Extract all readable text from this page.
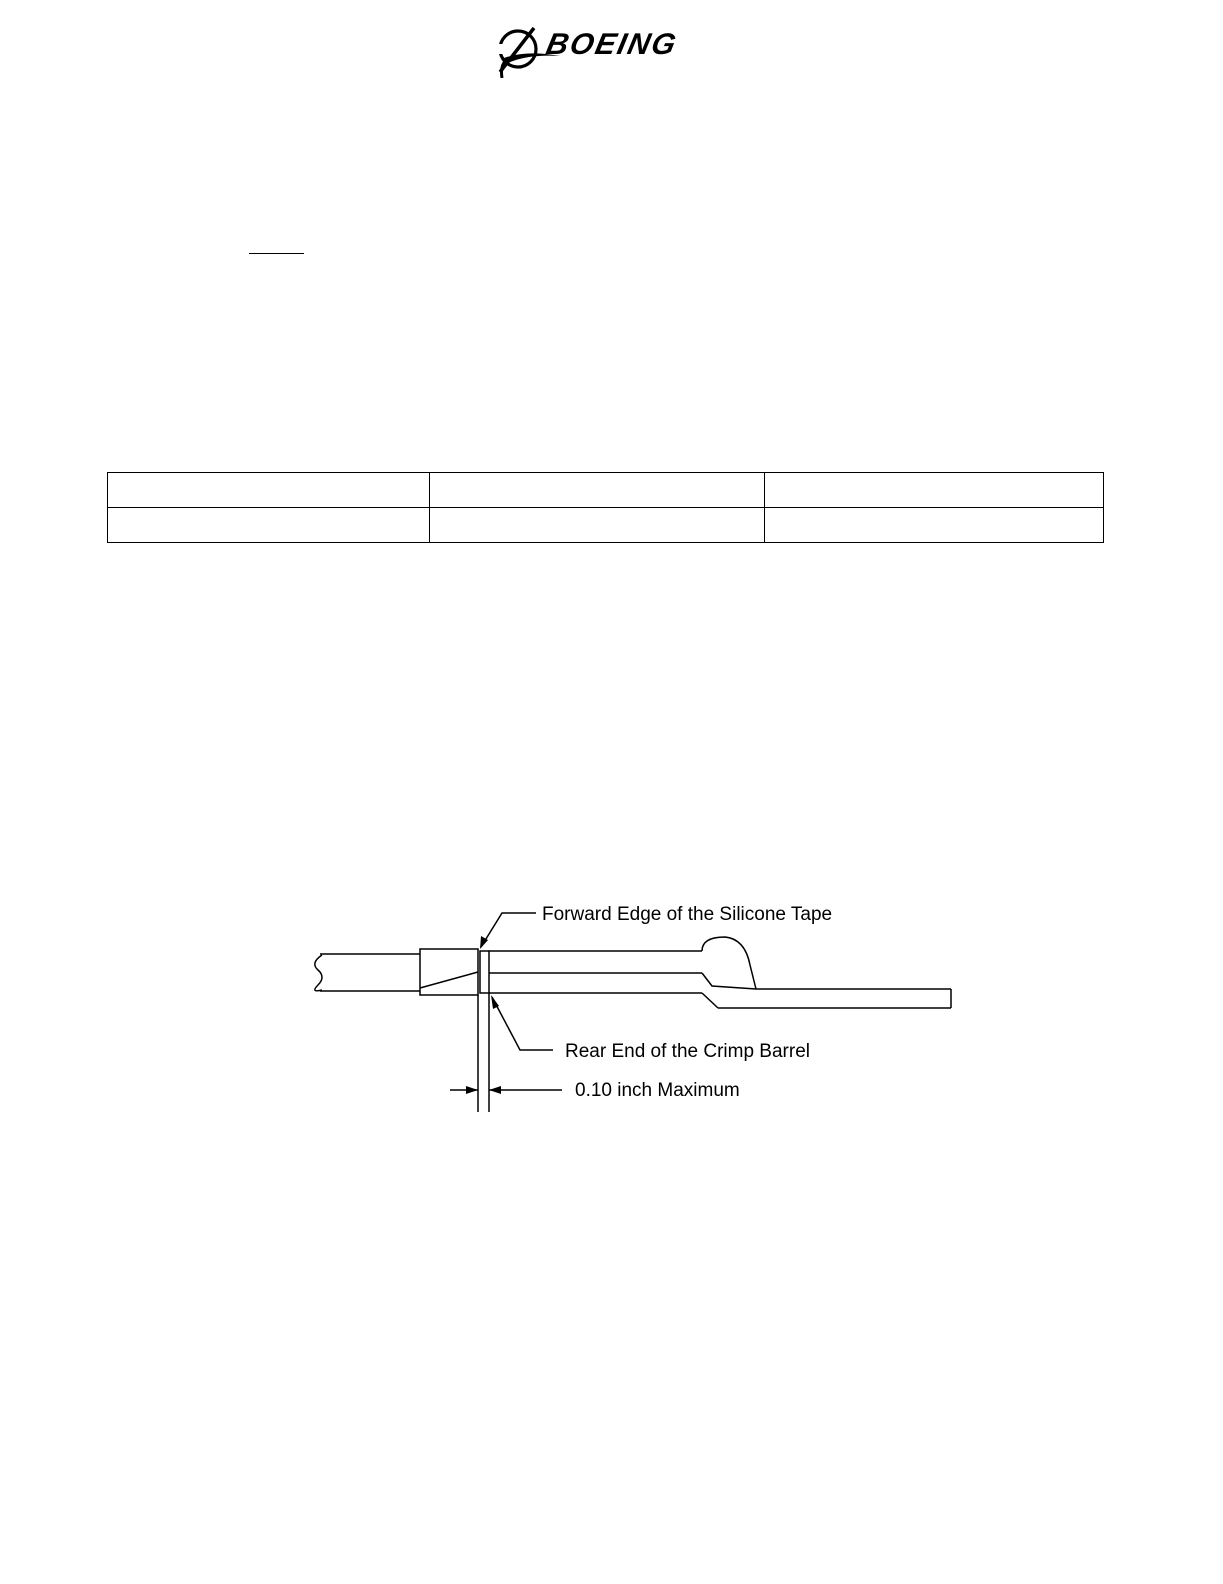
BOEING

Forward Edge of the Silicone Tape
Rear End of the Crimp Barrel
0.10 inch Maximum
